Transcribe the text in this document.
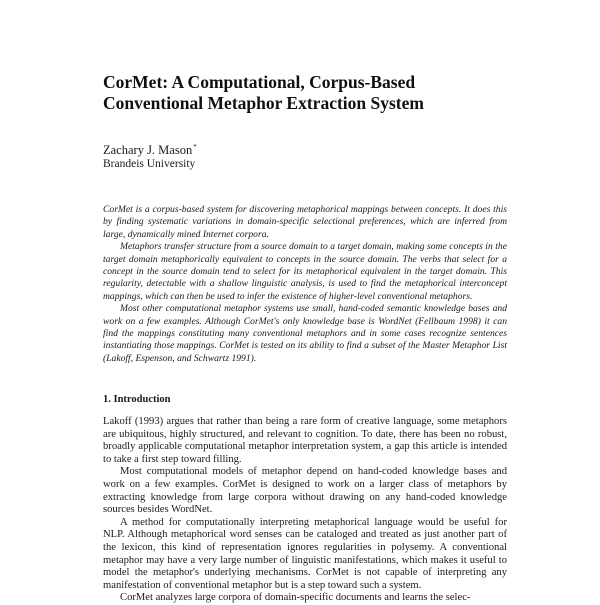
CorMet: A Computational, Corpus-Based
Conventional Metaphor Extraction System
Zachary J. Mason*
Brandeis University

CorMet is a corpus-based system for discovering metaphorical mappings between concepts. It does this by finding systematic variations in domain-specific selectional preferences, which are inferred from large, dynamically mined Internet corpora.

Metaphors transfer structure from a source domain to a target domain, making some concepts in the target domain metaphorically equivalent to concepts in the source domain. The verbs that select for a concept in the source domain tend to select for its metaphorical equivalent in the target domain. This regularity, detectable with a shallow linguistic analysis, is used to find the metaphorical interconcept mappings, which can then be used to infer the existence of higher-level conventional metaphors.

Most other computational metaphor systems use small, hand-coded semantic knowledge bases and work on a few examples. Although CorMet's only knowledge base is WordNet (Fellbaum 1998) it can find the mappings constituting many conventional metaphors and in some cases recognize sentences instantiating those mappings. CorMet is tested on its ability to find a subset of the Master Metaphor List (Lakoff, Espenson, and Schwartz 1991).

1. Introduction

Lakoff (1993) argues that rather than being a rare form of creative language, some metaphors are ubiquitous, highly structured, and relevant to cognition. To date, there has been no robust, broadly applicable computational metaphor interpretation system, a gap this article is intended to take a first step toward filling.

Most computational models of metaphor depend on hand-coded knowledge bases and work on a few examples. CorMet is designed to work on a larger class of metaphors by extracting knowledge from large corpora without drawing on any hand-coded knowledge sources besides WordNet.

A method for computationally interpreting metaphorical language would be useful for NLP. Although metaphorical word senses can be cataloged and treated as just another part of the lexicon, this kind of representation ignores regularities in polysemy. A conventional metaphor may have a very large number of linguistic manifestations, which makes it useful to model the metaphor's underlying mechanisms. CorMet is not capable of interpreting any manifestation of conventional metaphor but is a step toward such a system.

CorMet analyzes large corpora of domain-specific documents and learns the selec-
